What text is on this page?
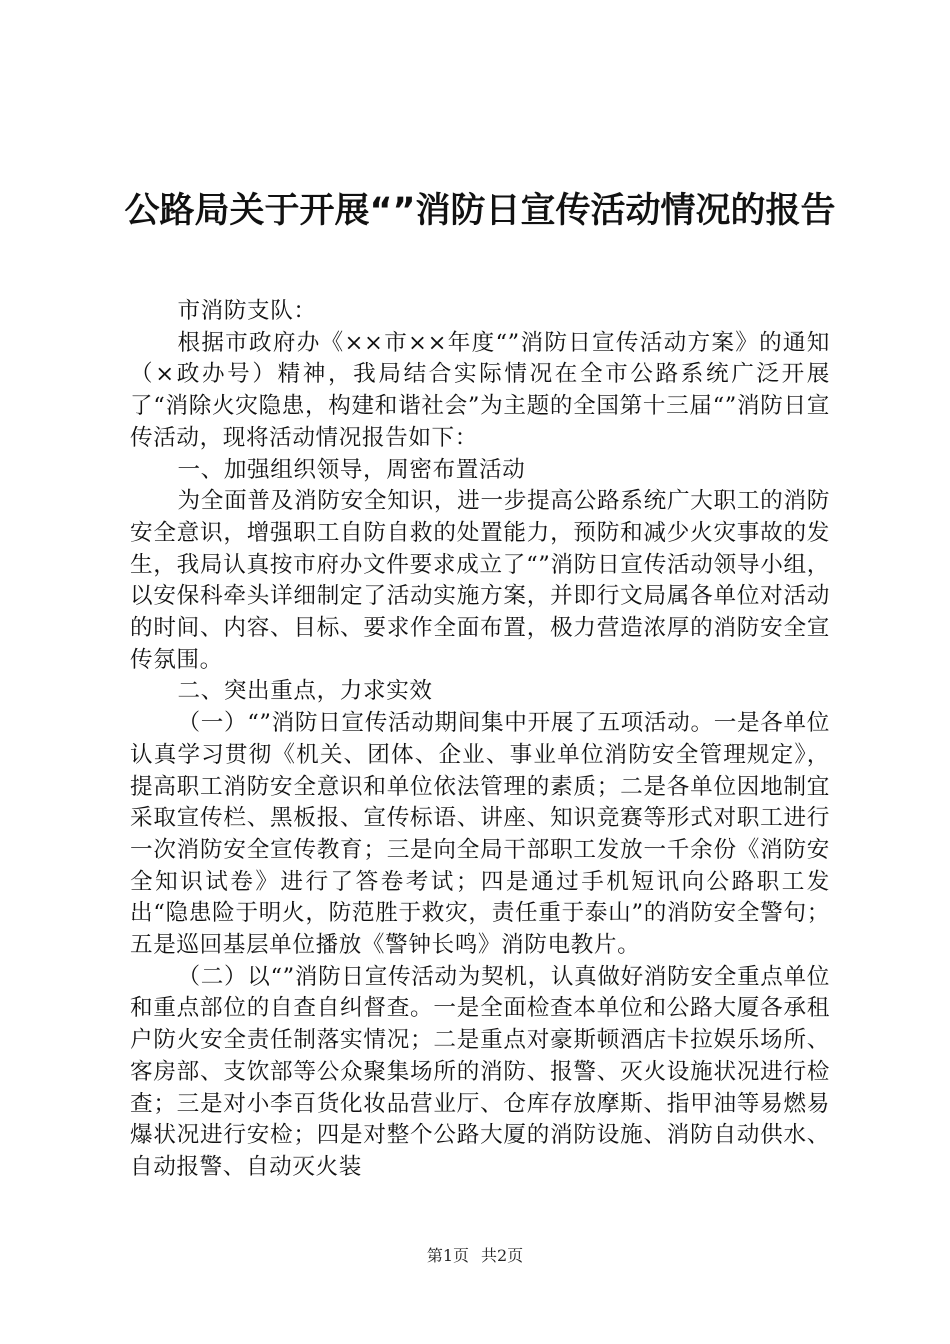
公路局关于开展“”消防日宣传活动情况的报告

市消防支队：

根据市政府办《××市××年度“”消防日宣传活动方案》的通知（×政办号）精神，我局结合实际情况在全市公路系统广泛开展了“消除火灾隐患，构建和谐社会”为主题的全国第十三届“”消防日宣传活动，现将活动情况报告如下：

一、加强组织领导，周密布置活动

为全面普及消防安全知识，进一步提高公路系统广大职工的消防安全意识，增强职工自防自救的处置能力，预防和减少火灾事故的发生，我局认真按市府办文件要求成立了“”消防日宣传活动领导小组，以安保科牵头详细制定了活动实施方案，并即行文局属各单位对活动的时间、内容、目标、要求作全面布置，极力营造浓厚的消防安全宣传氛围。

二、突出重点，力求实效

（一）“”消防日宣传活动期间集中开展了五项活动。一是各单位认真学习贯彻《机关、团体、企业、事业单位消防安全管理规定》，提高职工消防安全意识和单位依法管理的素质；二是各单位因地制宜采取宣传栏、黑板报、宣传标语、讲座、知识竞赛等形式对职工进行一次消防安全宣传教育；三是向全局干部职工发放一千余份《消防安全知识试卷》进行了答卷考试；四是通过手机短讯向公路职工发出“隐患险于明火，防范胜于救灾，责任重于泰山”的消防安全警句；五是巡回基层单位播放《警钟长鸣》消防电教片。

（二）以“”消防日宣传活动为契机，认真做好消防安全重点单位和重点部位的自查自纠督查。一是全面检查本单位和公路大厦各承租户防火安全责任制落实情况；二是重点对豪斯顿酒店卡拉娱乐场所、客房部、支饮部等公众聚集场所的消防、报警、灭火设施状况进行检查；三是对小李百货化妆品营业厅、仓库存放摩斯、指甲油等易燃易爆状况进行安检；四是对整个公路大厦的消防设施、消防自动供水、自动报警、自动灭火装

第1页 共2页
